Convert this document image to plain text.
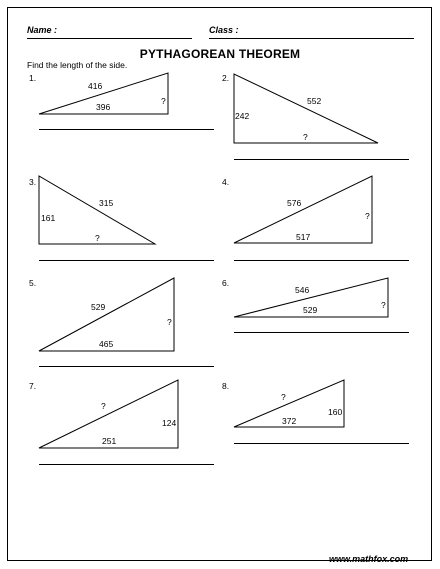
Name :	Class :
PYTHAGOREAN THEOREM
Find the length of the side.
1.
416
396
?
2.
242
552
?
3.
161
315
?
4.
576
?
517
5.
529
?
465
6.
546
?
529
7.
?
124
251
8.
?
160
372
www.mathfox.com
